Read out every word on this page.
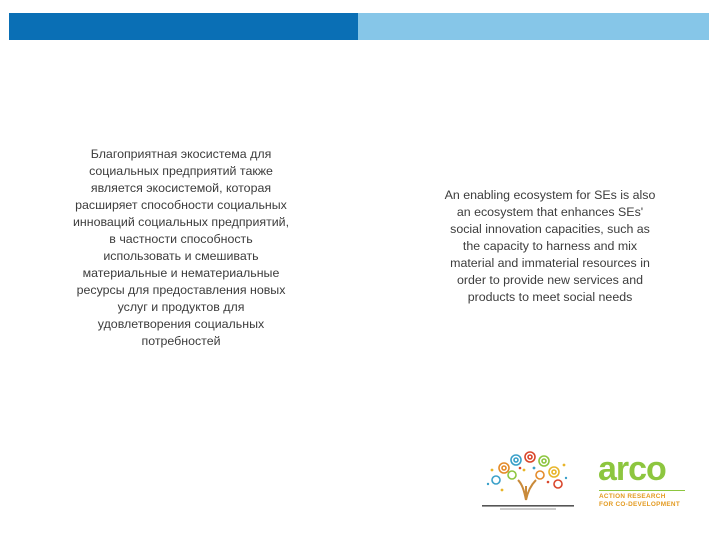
Благоприятная экосистема для социальных предприятий также является экосистемой, которая расширяет способности социальных инноваций социальных предприятий, в частности способность использовать и смешивать материальные и нематериальные ресурсы для предоставления новых услуг и продуктов для удовлетворения социальных потребностей
An enabling ecosystem for SEs is also an ecosystem that enhances SEs' social innovation capacities, such as the capacity to harness and mix material and immaterial resources in order to provide new services and products to meet social needs
arco
ACTION RESEARCH
FOR CO-DEVELOPMENT
